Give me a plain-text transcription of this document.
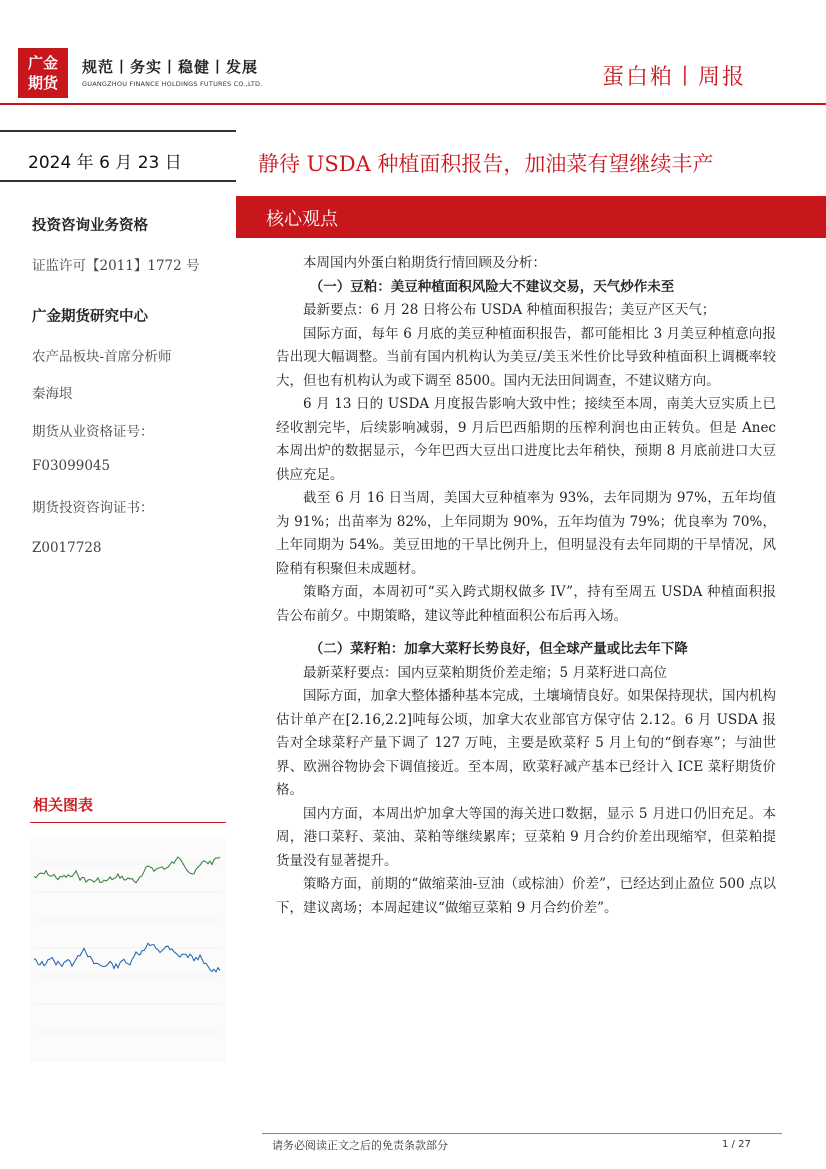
广金
期货
规范丨务实丨稳健丨发展
GUANGZHOU FINANCE HOLDINGS FUTURES CO.,LTD.	蛋白粕丨周报
2024 年 6 月 23 日
投资咨询业务资格
证监许可【2011】1772 号
广金期货研究中心
农产品板块-首席分析师
秦海垠
期货从业资格证号：
F03099045
期货投资咨询证书：
Z0017728
相关图表
静待 USDA 种植面积报告，加油菜有望继续丰产
核心观点

本周国内外蛋白粕期货行情回顾及分析：

（一）豆粕：美豆种植面积风险大不建议交易，天气炒作未至

最新要点：6 月 28 日将公布 USDA 种植面积报告；美豆产区天气；

国际方面，每年 6 月底的美豆种植面积报告，都可能相比 3 月美豆种植意向报告出现大幅调整。当前有国内机构认为美豆/美玉米性价比导致种植面积上调概率较大，但也有机构认为或下调至 8500。国内无法田间调查，不建议赌方向。

6 月 13 日的 USDA 月度报告影响大致中性；接续至本周，南美大豆实质上已经收割完毕，后续影响减弱，9 月后巴西船期的压榨利润也由正转负。但是 Anec 本周出炉的数据显示，今年巴西大豆出口进度比去年稍快，预期 8 月底前进口大豆供应充足。

截至 6 月 16 日当周，美国大豆种植率为 93%，去年同期为 97%，五年均值为 91%；出苗率为 82%，上年同期为 90%，五年均值为 79%；优良率为 70%，上年同期为 54%。美豆田地的干旱比例升上，但明显没有去年同期的干旱情况，风险稍有积聚但未成题材。

策略方面，本周初可“买入跨式期权做多 IV”，持有至周五 USDA 种植面积报告公布前夕。中期策略，建议等此种植面积公布后再入场。

（二）菜籽粕：加拿大菜籽长势良好，但全球产量或比去年下降

最新菜籽要点：国内豆菜粕期货价差走缩；5 月菜籽进口高位

国际方面，加拿大整体播种基本完成，土壤墒情良好。如果保持现状，国内机构估计单产在[2.16,2.2]吨每公顷，加拿大农业部官方保守估 2.12。6 月 USDA 报告对全球菜籽产量下调了 127 万吨，主要是欧菜籽 5 月上旬的“倒春寒”；与油世界、欧洲谷物协会下调值接近。至本周，欧菜籽减产基本已经计入 ICE 菜籽期货价格。

国内方面，本周出炉加拿大等国的海关进口数据，显示 5 月进口仍旧充足。本周，港口菜籽、菜油、菜粕等继续累库；豆菜粕 9 月合约价差出现缩窄，但菜粕提货量没有显著提升。

策略方面，前期的“做缩菜油-豆油（或棕油）价差”，已经达到止盈位 500 点以下，建议离场；本周起建议“做缩豆菜粕 9 月合约价差”。

请务必阅读正文之后的免责条款部分	1 / 27
